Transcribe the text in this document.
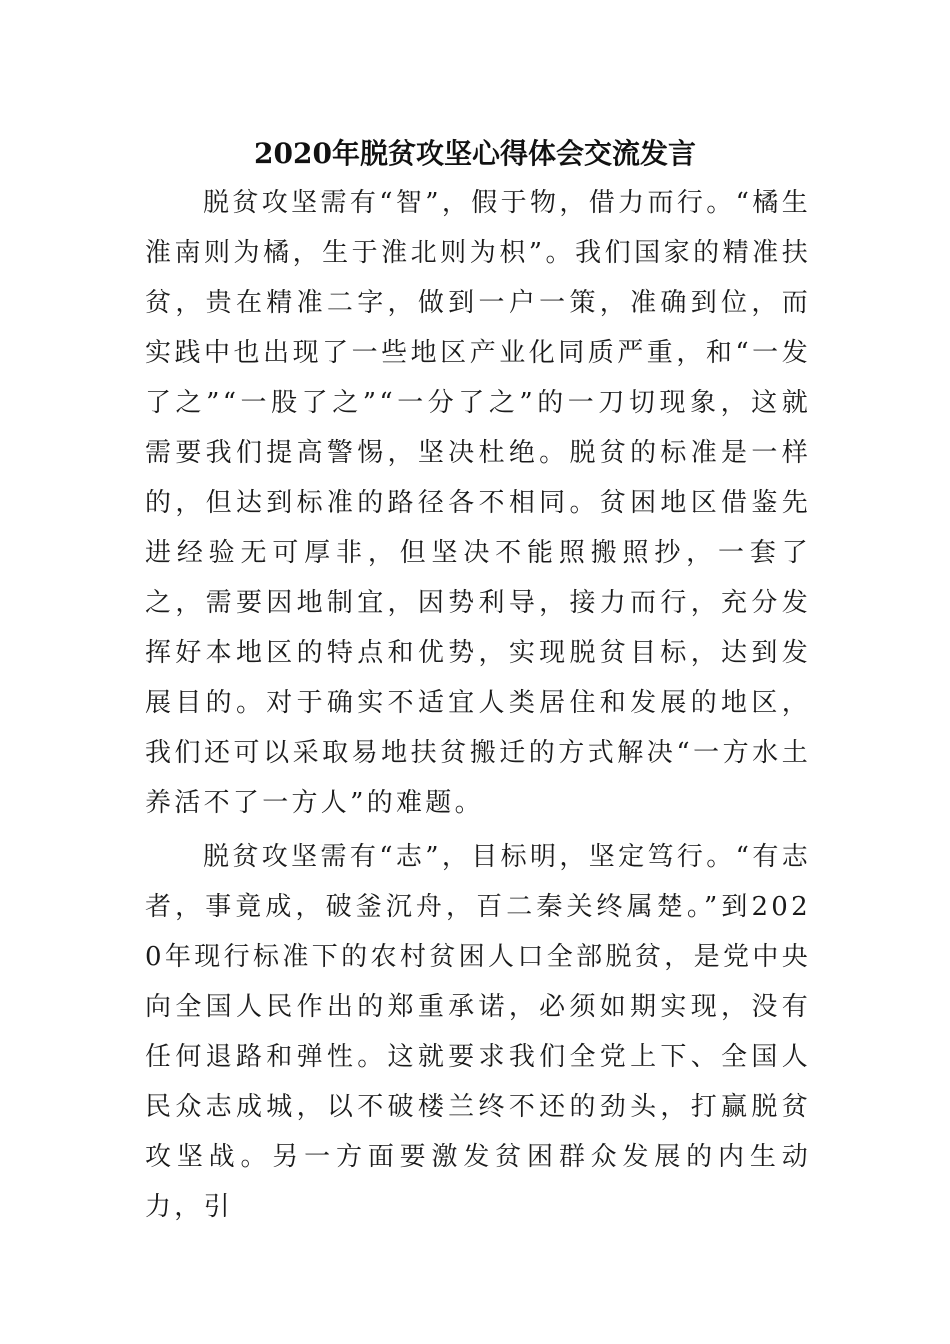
2020年脱贫攻坚心得体会交流发言

脱贫攻坚需有“智”，假于物，借力而行。“橘生淮南则为橘，生于淮北则为枳”。我们国家的精准扶贫，贵在精准二字，做到一户一策，准确到位，而实践中也出现了一些地区产业化同质严重，和“一发了之”“一股了之”“一分了之”的一刀切现象，这就需要我们提高警惕，坚决杜绝。脱贫的标准是一样的，但达到标准的路径各不相同。贫困地区借鉴先进经验无可厚非，但坚决不能照搬照抄，一套了之，需要因地制宜，因势利导，接力而行，充分发挥好本地区的特点和优势，实现脱贫目标，达到发展目的。对于确实不适宜人类居住和发展的地区，我们还可以采取易地扶贫搬迁的方式解决“一方水土养活不了一方人”的难题。

脱贫攻坚需有“志”，目标明，坚定笃行。“有志者，事竟成，破釜沉舟，百二秦关终属楚。”到2020年现行标准下的农村贫困人口全部脱贫，是党中央向全国人民作出的郑重承诺，必须如期实现，没有任何退路和弹性。这就要求我们全党上下、全国人民众志成城，以不破楼兰终不还的劲头，打赢脱贫攻坚战。另一方面要激发贫困群众发展的内生动力，引
